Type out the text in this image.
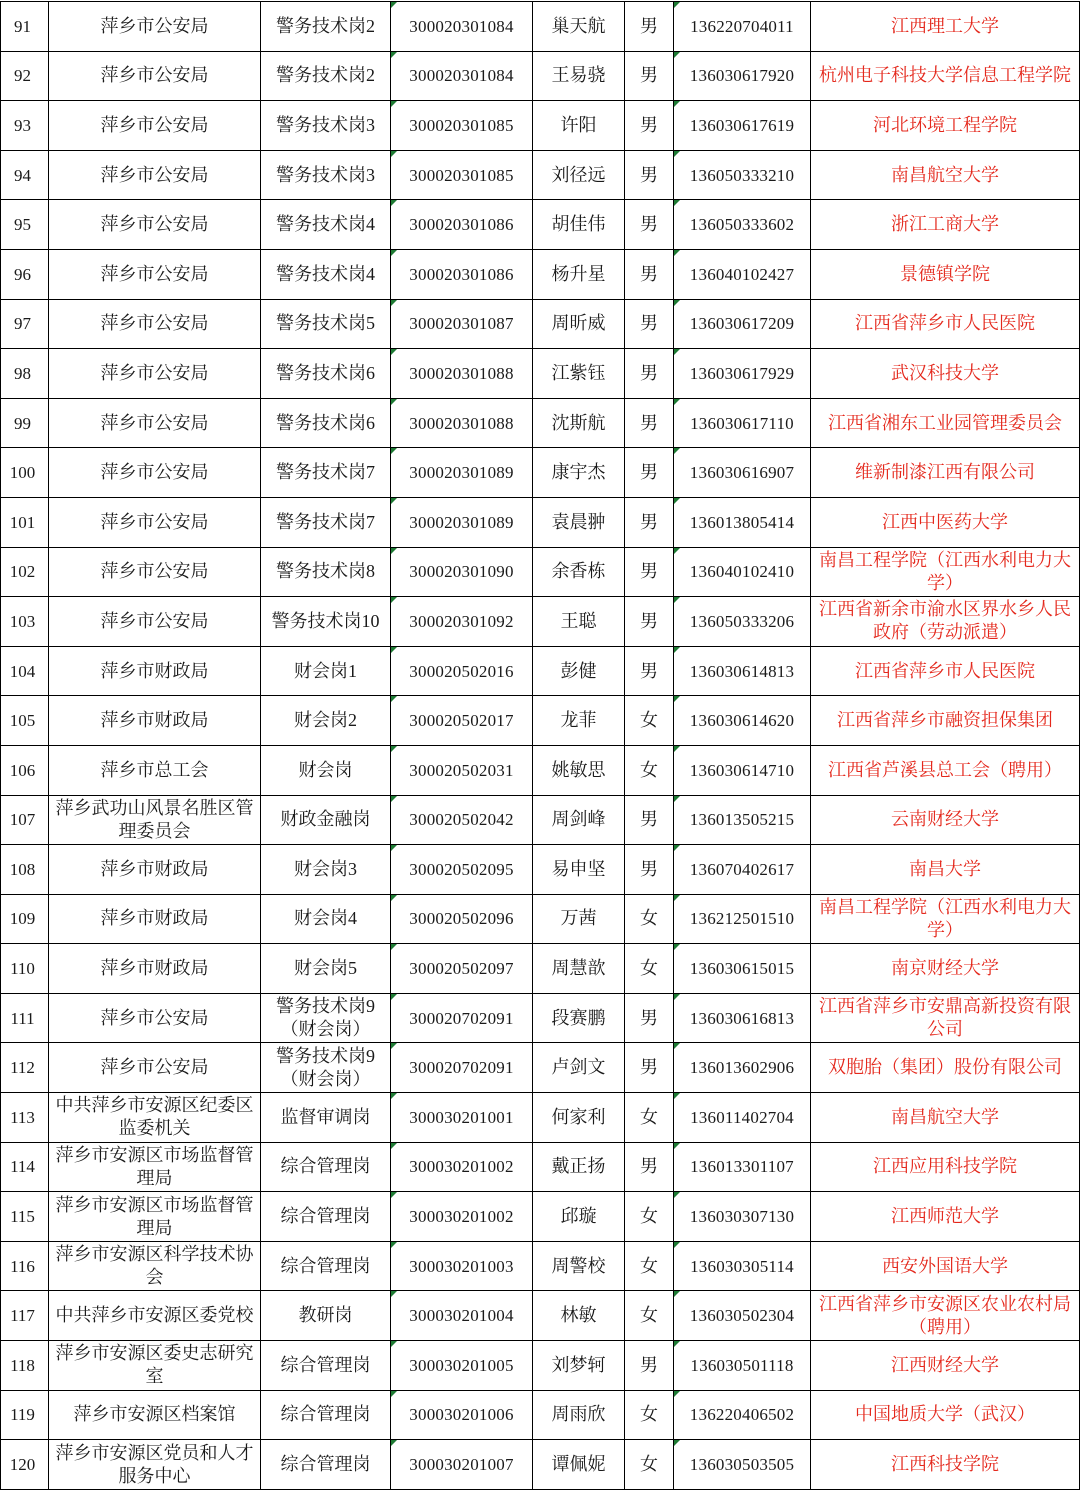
91	萍乡市公安局	警务技术岗2	300020301084	巢天航	男	136220704011	江西理工大学
92	萍乡市公安局	警务技术岗2	300020301084	王易骁	男	136030617920	杭州电子科技大学信息工程学院
93	萍乡市公安局	警务技术岗3	300020301085	许阳	男	136030617619	河北环境工程学院
94	萍乡市公安局	警务技术岗3	300020301085	刘径远	男	136050333210	南昌航空大学
95	萍乡市公安局	警务技术岗4	300020301086	胡佳伟	男	136050333602	浙江工商大学
96	萍乡市公安局	警务技术岗4	300020301086	杨升星	男	136040102427	景德镇学院
97	萍乡市公安局	警务技术岗5	300020301087	周昕威	男	136030617209	江西省萍乡市人民医院
98	萍乡市公安局	警务技术岗6	300020301088	江紫钰	男	136030617929	武汉科技大学
99	萍乡市公安局	警务技术岗6	300020301088	沈斯航	男	136030617110	江西省湘东工业园管理委员会
100	萍乡市公安局	警务技术岗7	300020301089	康宇杰	男	136030616907	维新制漆江西有限公司
101	萍乡市公安局	警务技术岗7	300020301089	袁晨翀	男	136013805414	江西中医药大学
102	萍乡市公安局	警务技术岗8	300020301090	余香栋	男	136040102410	南昌工程学院（江西水利电力大学）
103	萍乡市公安局	警务技术岗10	300020301092	王聪	男	136050333206	江西省新余市渝水区界水乡人民政府（劳动派遣）
104	萍乡市财政局	财会岗1	300020502016	彭健	男	136030614813	江西省萍乡市人民医院
105	萍乡市财政局	财会岗2	300020502017	龙菲	女	136030614620	江西省萍乡市融资担保集团
106	萍乡市总工会	财会岗	300020502031	姚敏思	女	136030614710	江西省芦溪县总工会（聘用）
107	萍乡武功山风景名胜区管理委员会	财政金融岗	300020502042	周剑峰	男	136013505215	云南财经大学
108	萍乡市财政局	财会岗3	300020502095	易申坚	男	136070402617	南昌大学
109	萍乡市财政局	财会岗4	300020502096	万茜	女	136212501510	南昌工程学院（江西水利电力大学）
110	萍乡市财政局	财会岗5	300020502097	周慧歆	女	136030615015	南京财经大学
111	萍乡市公安局	警务技术岗9（财会岗）	300020702091	段赛鹏	男	136030616813	江西省萍乡市安鼎高新投资有限公司
112	萍乡市公安局	警务技术岗9（财会岗）	300020702091	卢剑文	男	136013602906	双胞胎（集团）股份有限公司
113	中共萍乡市安源区纪委区监委机关	监督审调岗	300030201001	何家利	女	136011402704	南昌航空大学
114	萍乡市安源区市场监督管理局	综合管理岗	300030201002	戴正扬	男	136013301107	江西应用科技学院
115	萍乡市安源区市场监督管理局	综合管理岗	300030201002	邱璇	女	136030307130	江西师范大学
116	萍乡市安源区科学技术协会	综合管理岗	300030201003	周警校	女	136030305114	西安外国语大学
117	中共萍乡市安源区委党校	教研岗	300030201004	林敏	女	136030502304	江西省萍乡市安源区农业农村局（聘用）
118	萍乡市安源区委史志研究室	综合管理岗	300030201005	刘梦轲	男	136030501118	江西财经大学
119	萍乡市安源区档案馆	综合管理岗	300030201006	周雨欣	女	136220406502	中国地质大学（武汉）
120	萍乡市安源区党员和人才服务中心	综合管理岗	300030201007	谭佩妮	女	136030503505	江西科技学院
